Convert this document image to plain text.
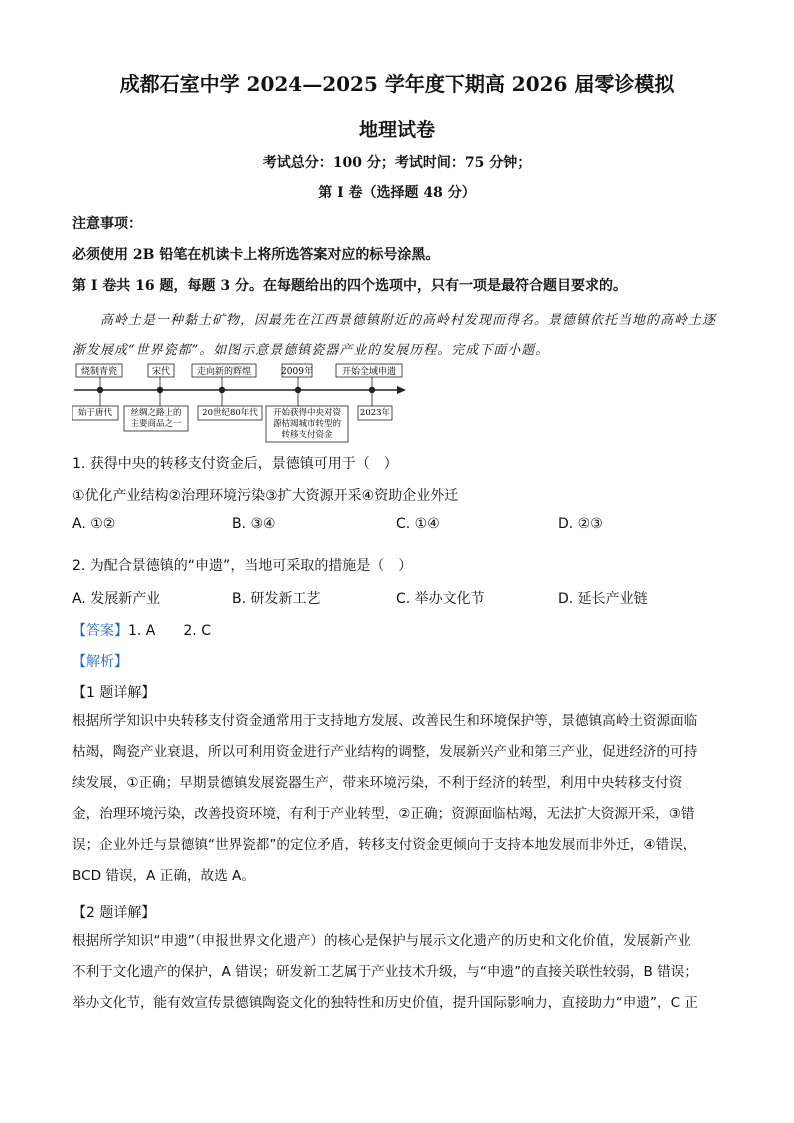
成都石室中学 2024—2025 学年度下期高 2026 届零诊模拟
地理试卷
考试总分：100 分；考试时间：75 分钟；
第 I 卷（选择题 48 分）
注意事项：
必须使用 2B 铅笔在机读卡上将所选答案对应的标号涂黑。
第 I 卷共 16 题，每题 3 分。在每题给出的四个选项中，只有一项是最符合题目要求的。
高岭土是一种黏土矿物，因最先在江西景德镇附近的高岭村发现而得名。景德镇依托当地的高岭土逐
渐发展成“世界瓷都”。如图示意景德镇瓷器产业的发展历程。完成下面小题。
烧制青瓷
始于唐代
宋代
丝绸之路上的
主要商品之一
走向新的辉煌
20世纪80年代
2009年
开始获得中央对资
源枯竭城市转型的
转移支付资金
开始全域申遗
2023年
1. 获得中央的转移支付资金后，景德镇可用于（　）
①优化产业结构②治理环境污染③扩大资源开采④资助企业外迁
A. ①②	B. ③④	C. ①④	D. ②③
2. 为配合景德镇的“申遗”，当地可采取的措施是（　）
A. 发展新产业	B. 研发新工艺	C. 举办文化节	D. 延长产业链
【答案】1. A　　2. C
【解析】
【1 题详解】
根据所学知识中央转移支付资金通常用于支持地方发展、改善民生和环境保护等，景德镇高岭土资源面临
枯竭，陶瓷产业衰退，所以可利用资金进行产业结构的调整，发展新兴产业和第三产业，促进经济的可持
续发展，①正确；早期景德镇发展瓷器生产，带来环境污染，不利于经济的转型，利用中央转移支付资
金，治理环境污染，改善投资环境，有利于产业转型，②正确；资源面临枯竭，无法扩大资源开采，③错
误；企业外迁与景德镇“世界瓷都”的定位矛盾，转移支付资金更倾向于支持本地发展而非外迁，④错误，
BCD 错误，A 正确，故选 A。
【2 题详解】
根据所学知识“申遗”（申报世界文化遗产）的核心是保护与展示文化遗产的历史和文化价值，发展新产业
不利于文化遗产的保护，A 错误；研发新工艺属于产业技术升级，与“申遗”的直接关联性较弱，B 错误；
举办文化节，能有效宣传景德镇陶瓷文化的独特性和历史价值，提升国际影响力，直接助力“申遗”，C 正
